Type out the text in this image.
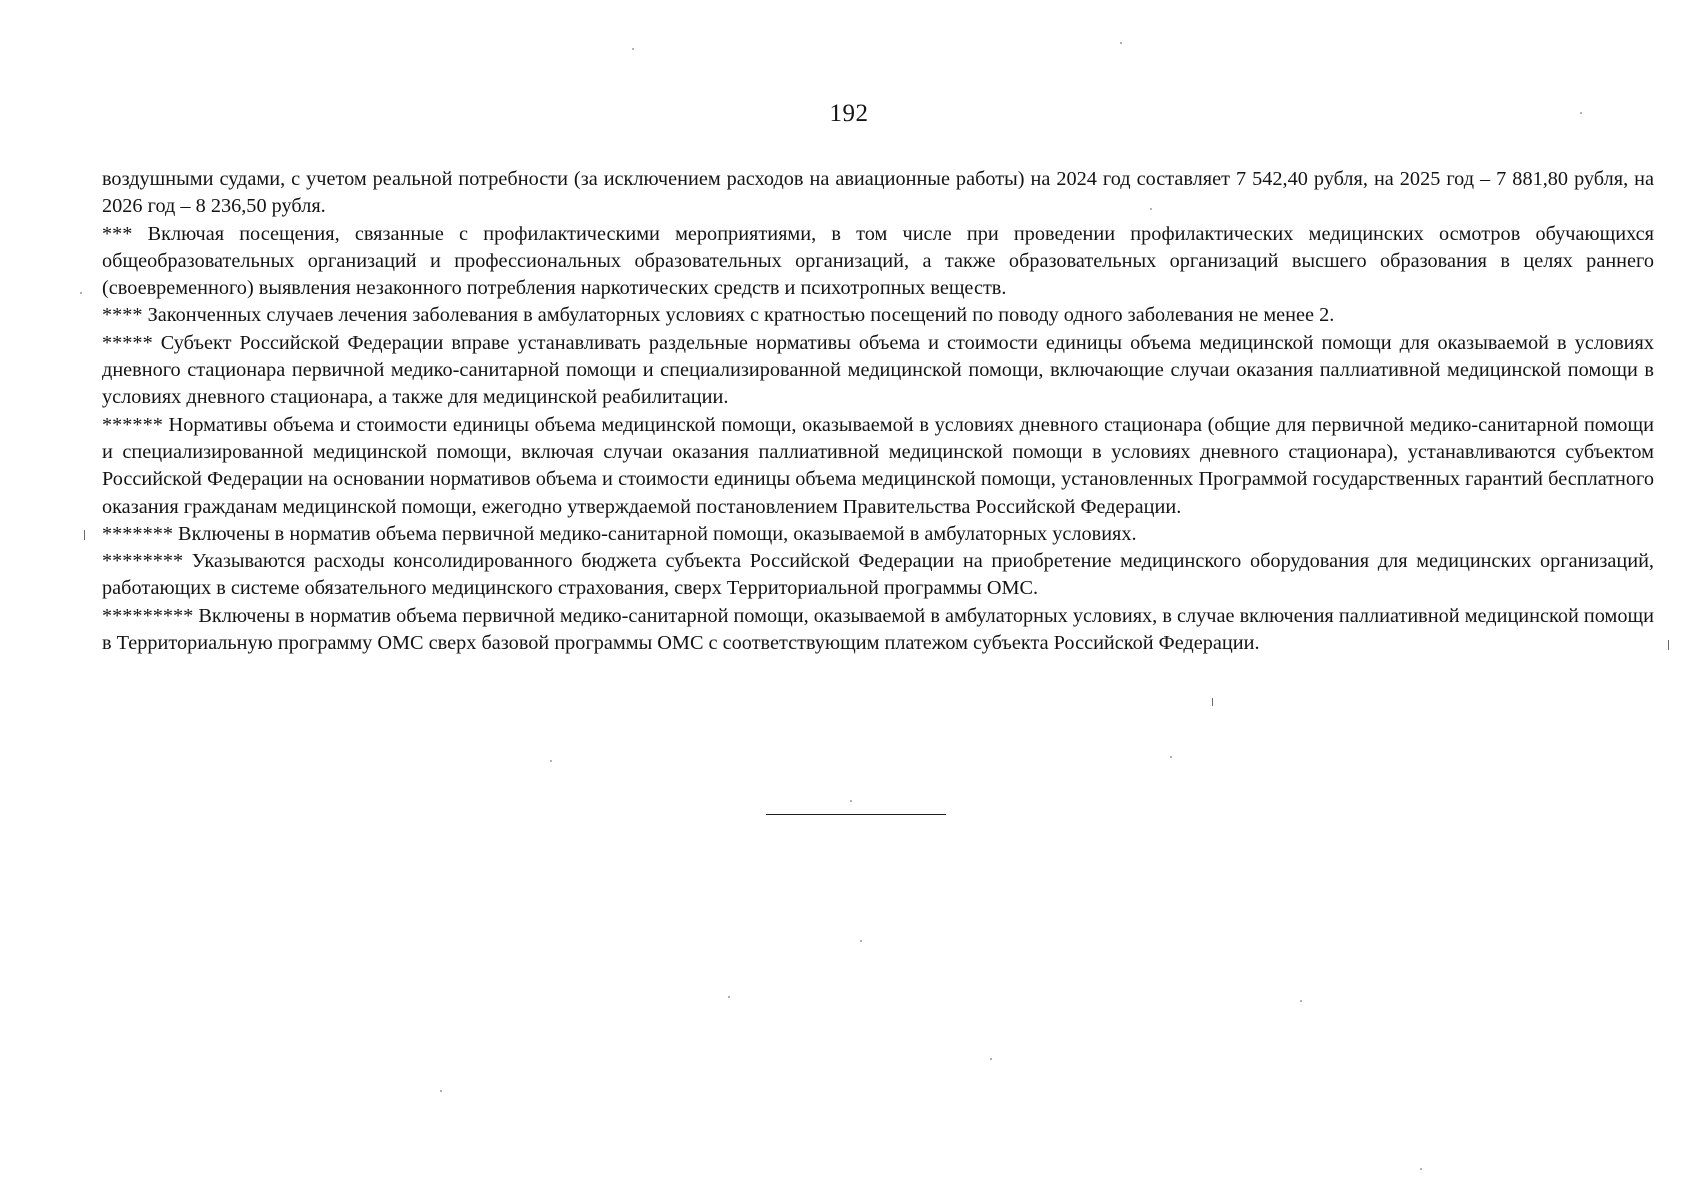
192

воздушными судами, с учетом реальной потребности (за исключением расходов на авиационные работы) на 2024 год составляет 7 542,40 рубля, на 2025 год – 7 881,80 рубля, на 2026 год – 8 236,50 рубля.

*** Включая посещения, связанные с профилактическими мероприятиями, в том числе при проведении профилактических медицинских осмотров обучающихся общеобразовательных организаций и профессиональных образовательных организаций, а также образовательных организаций высшего образования в целях раннего (своевременного) выявления незаконного потребления наркотических средств и психотропных веществ.

**** Законченных случаев лечения заболевания в амбулаторных условиях с кратностью посещений по поводу одного заболевания не менее 2.

***** Субъект Российской Федерации вправе устанавливать раздельные нормативы объема и стоимости единицы объема медицинской помощи для оказываемой в условиях дневного стационара первичной медико-санитарной помощи и специализированной медицинской помощи, включающие случаи оказания паллиативной медицинской помощи в условиях дневного стационара, а также для медицинской реабилитации.

****** Нормативы объема и стоимости единицы объема медицинской помощи, оказываемой в условиях дневного стационара (общие для первичной медико-санитарной помощи и специализированной медицинской помощи, включая случаи оказания паллиативной медицинской помощи в условиях дневного стационара), устанавливаются субъектом Российской Федерации на основании нормативов объема и стоимости единицы объема медицинской помощи, установленных Программой государственных гарантий бесплатного оказания гражданам медицинской помощи, ежегодно утверждаемой постановлением Правительства Российской Федерации.

******* Включены в норматив объема первичной медико-санитарной помощи, оказываемой в амбулаторных условиях.

******** Указываются расходы консолидированного бюджета субъекта Российской Федерации на приобретение медицинского оборудования для медицинских организаций, работающих в системе обязательного медицинского страхования, сверх Территориальной программы ОМС.

********* Включены в норматив объема первичной медико-санитарной помощи, оказываемой в амбулаторных условиях, в случае включения паллиативной медицинской помощи в Территориальную программу ОМС сверх базовой программы ОМС с соответствующим платежом субъекта Российской Федерации.
